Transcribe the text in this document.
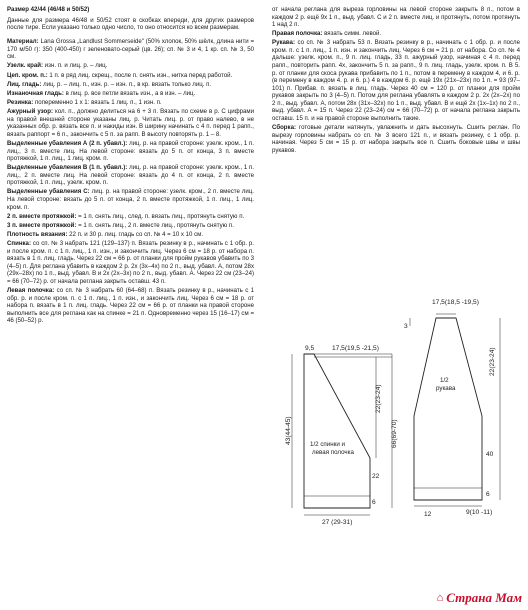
Размер 42/44 (46/48 и 50/52)

Данные для размера 46/48 и 50/52 стоят в скобках впереди, для других размеров после тире. Если указано только одно число, то оно относится ко всем размерам.

Материал: Lana Grossa „Landlust Sommerseide" (50% хлопок, 50% шёлк, длина нити = 170 м/50 г): 350 (400-450) г зеленовато-серый (цв. 26); сп. № 3 и 4, 1 кр. сп. № 3, 50 см.

Узелк. край: изн. п. и лиц. р. – лиц.

Цеп. кром. п.: 1 п. в ряд лиц. скрещ., после п. снять изн., нитка перед работой.

Лиц. гладь: лиц. р. – лиц. п., изн. р. – изн. п., в кр. вязать только лиц. п.

Изнаночная гладь: в лиц. р. все петли вязать изн., а в изн. – лиц.

Резинка: попеременно 1 х 1: вязать 1 лиц. п., 1 изн. п.

Ажурный узор: кол. п., должно делиться на 6 + 3 п. Вязать по схеме в р. С цифрами на правой внешней стороне указаны лиц. р. Читать лиц. р. от право налево, в не указанных обр. р. вязать все п. и накиды изн. В ширину начинать с 4 п. перед 1 рапп., вязать раппорт = 6 п., закончить с 5 п. за рапп. В высоту повторять р. 1 – 8.

Выделенные убавления А (2 п. убавл.): лиц. р. на правой стороне: узелк. кром., 1 п. лиц., 3 п. вместе лиц. На левой стороне: вязать до 5 п. от конца, 3 п. вместе протяжкой, 1 п. лиц., 1 лиц. кром. п.

Выделенные убавления В (1 п. убавл.): лиц. р. на правой стороне: узелк. кром., 1 п. лиц., 2 п. вместе лиц. На левой стороне: вязать до 4 п. от конца, 2 п. вместе протяжкой, 1 п. лиц., узелк. кром. п.

Выделенные убавления С: лиц. р. на правой стороне: узелк. кром., 2 п. вместе лиц. На левой стороне: вязать до 5 п. от конца, 2 п. вместе протяжкой, 1 п. лиц., 1 лиц. кром. п.

2 п. вместе протяжкой: = 1 п. снять лиц., след. п. вязать лиц., протянуть снятую п.

3 п. вместе протяжкой: = 1 п. снять лиц., 2 п. вместе лиц., протянуть снятую п.

Плотность вязания: 22 п. и 30 р. лиц. гладь со сп. № 4 = 10 х 10 см.

Спинка: со сп. № 3 набрать 121 (129–137) п. Вязать резинку в р., начинать с 1 обр. р. и после кром. п. с 1 п. лиц., 1 п. изн., и закончить лиц. Через 6 см = 18 р. от набора п. вязать в 1 п. лиц. гладь. Через 22 см = 66 р. от планки для пройм рукавов убавить по 3 (4–5) п. Для реглана убавить в каждом 2 р. 2х (3х–4х) по 2 п., выд. убавл. А, потом 28х (29х–28х) по 1 п., выд. убавл. В и 2х (2х–3х) по 2 п., выд. убавл. А. Через 22 см (23–24) = 66 (70–72) р. от начала реглана закрыть оставш. 43 п.

Левая полочка: со сп. № 3 набрать 60 (64–68) п. Вязать резинку в р., начинать с 1 обр. р. и после кром. п. с 1 п. лиц., 1 п. изн., и закончить лиц. Через 6 см = 18 р. от набора п. вязать в 1 п. лиц. гладь. Через 22 см = 66 р. от планки на правой стороне выполнить все для реглана как на спинке = 21 п. Одновременно через 15 (16–17) см = 46 (50–52) р.

от начала реглана для выреза горловины на левой стороне закрыть 8 п., потом в каждом 2 р. ещё 9х 1 п., выд. убавл. С и 2 п. вместе лиц. и протянуть, потом протянуть 1 над 2 п.

Правая полочка: вязать симм. левой.

Рукава: со сп. № 3 набрать 53 п. Вязать резинку в р., начинать с 1 обр. р. и после кром. п. с 1 п. лиц., 1 п. изн. и закончить лиц. Через 6 см = 21 р. от набора. Со сп. № 4 дальше: узелк. кром. п., 9 п. лиц. гладь, 33 п. ажурный узор, начиная с 4 п. перед рапп., повторить рапп. 4х, закончить 5 п. за рапп., 9 п. лиц. гладь, узелк. кром. п. В 5. р. от планки для скоса рукава прибавить по 1 п., потом в перемену в каждом 4, и 6. р. (в перемену в каждом 4. р. и 6. р.) 4 в каждом 6. р. ещё 19х (21х–23х) по 1 п. = 93 (97–101) п. Прибав. п. вязать в лиц. гладь. Через 40 см = 120 р. от планки для пройм рукавов закрыть по 3 (4–5) п. Потом для реглана убавлять в каждом 2 р. 2х (2х–2х) по 2 п., выд. убавл. А, потом 28х (31х–32х) по 1 п., выд. убавл. В и ещё 2х (1х–1х) по 2 п., выд. убавл. А = 15 п. Через 22 (23–24) см = 66 (70–72) р. от начала реглана закрыть оставш. 15 п. и на правой стороне выполнить такие.

Сборка: готовые детали натянуть, увлажнить и дать высохнуть. Сшить реглан. По вырезу горловины набрать со сп. № 3 всего 121 п., и вязать резинку, с 1 обр. р. начиная. Через 5 см = 15 р. от набора закрыть все п. Сшить боковые швы и швы рукавов.

9,5	17,5(19,5 -21,5)
43(44-45)
22(23-24)
66(69-70)
22
6
27 (29-31)
1/2 спинки и
левая полочка
17,5(18,5 -19,5)
3
22(23-24)
40
6
12	9(10 -11)
1/2
рукава
⌂ Страна Мам
